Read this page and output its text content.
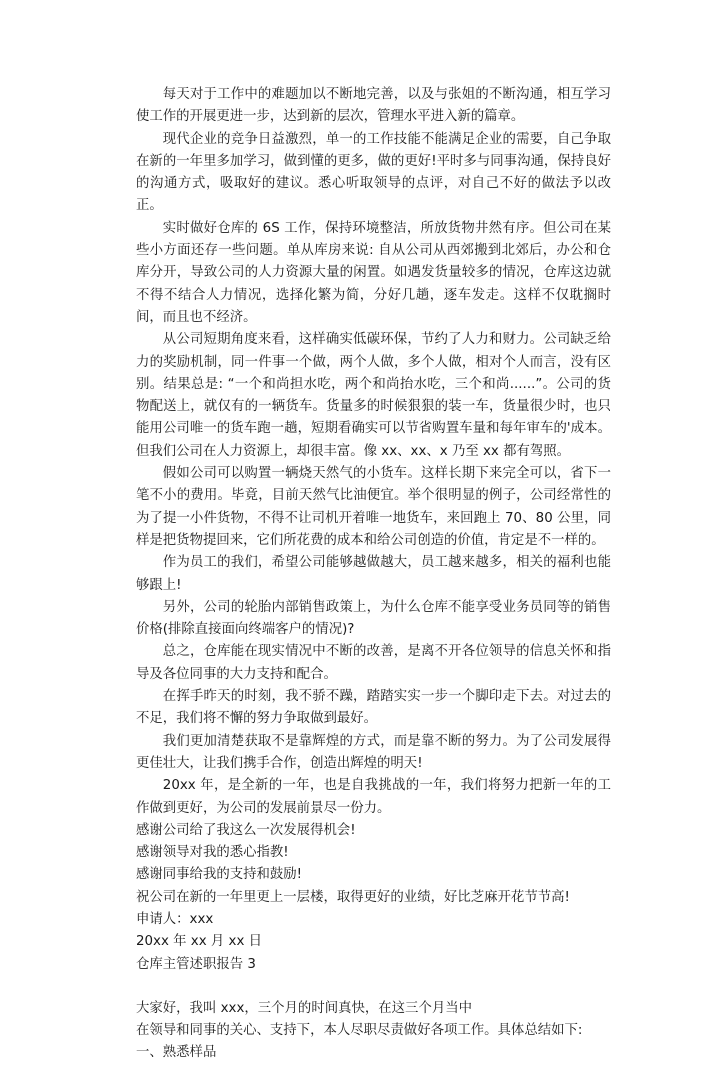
每天对于工作中的难题加以不断地完善，以及与张姐的不断沟通，相互学习使工作的开展更进一步，达到新的层次，管理水平进入新的篇章。

现代企业的竞争日益激烈，单一的工作技能不能满足企业的需要，自己争取在新的一年里多加学习，做到懂的更多，做的更好!平时多与同事沟通，保持良好的沟通方式，吸取好的建议。悉心听取领导的点评，对自己不好的做法予以改正。

实时做好仓库的 6S 工作，保持环境整洁，所放货物井然有序。但公司在某些小方面还存一些问题。单从库房来说: 自从公司从西郊搬到北郊后，办公和仓库分开，导致公司的人力资源大量的闲置。如遇发货量较多的情况，仓库这边就不得不结合人力情况，选择化繁为简，分好几趟，逐车发走。这样不仅耽搁时间，而且也不经济。

从公司短期角度来看，这样确实低碳环保，节约了人力和财力。公司缺乏给力的奖励机制，同一件事一个做，两个人做，多个人做，相对个人而言，没有区别。结果总是: “一个和尚担水吃，两个和尚抬水吃，三个和尚......”。公司的货物配送上，就仅有的一辆货车。货量多的时候狠狠的装一车，货量很少时，也只能用公司唯一的货车跑一趟，短期看确实可以节省购置车量和每年审车的'成本。但我们公司在人力资源上，却很丰富。像 xx、xx、x 乃至 xx 都有驾照。

假如公司可以购置一辆烧天然气的小货车。这样长期下来完全可以，省下一笔不小的费用。毕竟，目前天然气比油便宜。举个很明显的例子，公司经常性的为了提一小件货物，不得不让司机开着唯一地货车，来回跑上 70、80 公里，同样是把货物提回来，它们所花费的成本和给公司创造的价值，肯定是不一样的。

作为员工的我们，希望公司能够越做越大，员工越来越多，相关的福利也能够跟上!

另外，公司的轮胎内部销售政策上，为什么仓库不能享受业务员同等的销售价格(排除直接面向终端客户的情况)?

总之，仓库能在现实情况中不断的改善，是离不开各位领导的信息关怀和指导及各位同事的大力支持和配合。

在挥手昨天的时刻，我不骄不躁，踏踏实实一步一个脚印走下去。对过去的不足，我们将不懈的努力争取做到最好。

我们更加清楚获取不是靠辉煌的方式，而是靠不断的努力。为了公司发展得更佳壮大，让我们携手合作，创造出辉煌的明天!

20xx 年，是全新的一年，也是自我挑战的一年，我们将努力把新一年的工作做到更好，为公司的发展前景尽一份力。

感谢公司给了我这么一次发展得机会!

感谢领导对我的悉心指教!

感谢同事给我的支持和鼓励!

祝公司在新的一年里更上一层楼，取得更好的业绩，好比芝麻开花节节高!

申请人：xxx

20xx 年 xx 月 xx 日

仓库主管述职报告 3

大家好，我叫 xxx，三个月的时间真快，在这三个月当中

在领导和同事的关心、支持下，本人尽职尽责做好各项工作。具体总结如下:

一、熟悉样品
